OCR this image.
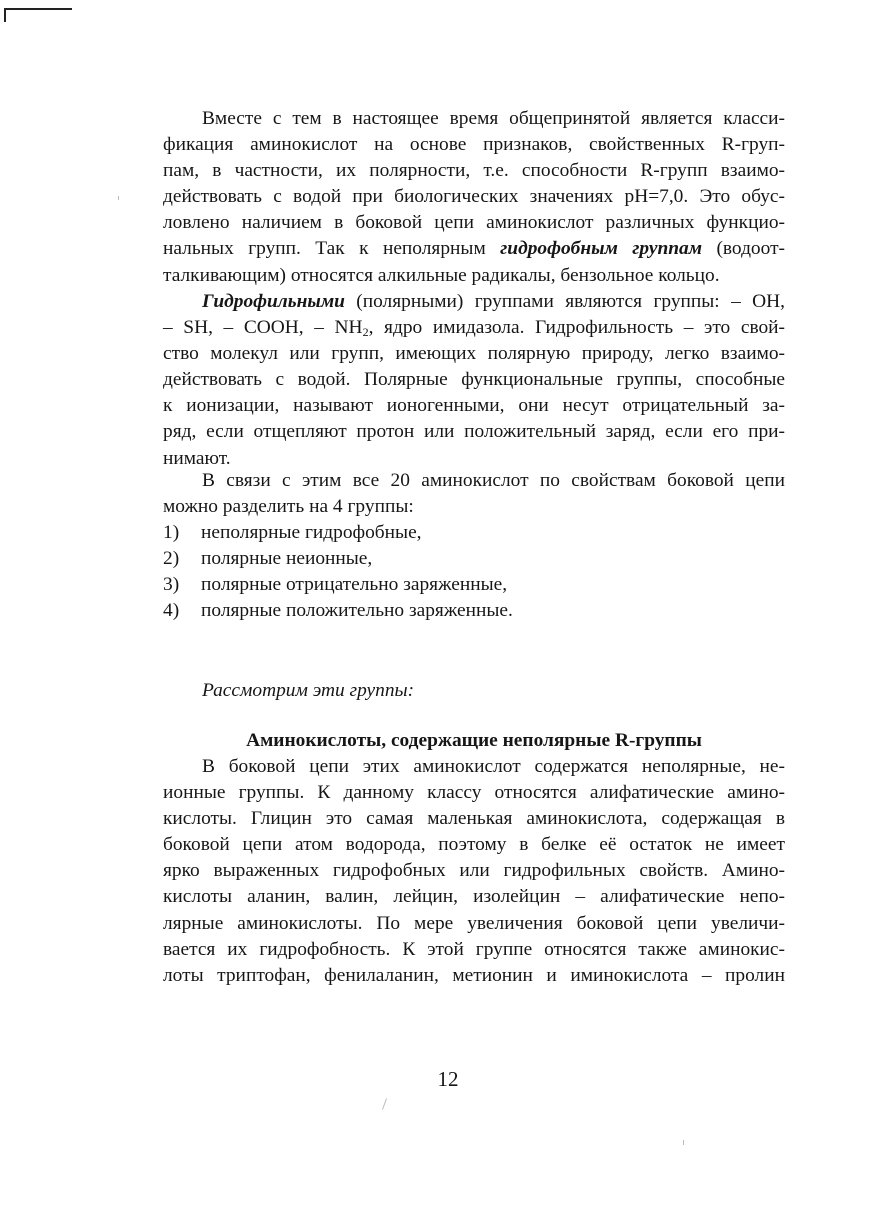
Вместе с тем в настоящее время общепринятой является класси-
фикация аминокислот на основе признаков, свойственных R-груп-
пам, в частности, их полярности, т.е. способности R-групп взаимо-
действовать с водой при биологических значениях pH=7,0. Это обус-
ловлено наличием в боковой цепи аминокислот различных функцио-
нальных групп. Так к неполярным гидрофобным группам (водоот-
талкивающим) относятся алкильные радикалы, бензольное кольцо.
Гидрофильными (полярными) группами являются группы: – OH,
– SH, – COOH, – $NH_2$, ядро имидазола. Гидрофильность – это свой-
ство молекул или групп, имеющих полярную природу, легко взаимо-
действовать с водой. Полярные функциональные группы, способные
к ионизации, называют ионогенными, они несут отрицательный за-
ряд, если отщепляют протон или положительный заряд, если его при-
нимают.
В связи с этим все 20 аминокислот по свойствам боковой цепи
можно разделить на 4 группы:
1)	неполярные гидрофобные,
2)	полярные неионные,
3)	полярные отрицательно заряженные,
4)	полярные положительно заряженные.
Рассмотрим эти группы:
Аминокислоты, содержащие неполярные R-группы
В боковой цепи этих аминокислот содержатся неполярные, не-
ионные группы. К данному классу относятся алифатические амино-
кислоты. Глицин это самая маленькая аминокислота, содержащая в
боковой цепи атом водорода, поэтому в белке её остаток не имеет
ярко выраженных гидрофобных или гидрофильных свойств. Амино-
кислоты аланин, валин, лейцин, изолейцин – алифатические непо-
лярные аминокислоты. По мере увеличения боковой цепи увеличи-
вается их гидрофобность. К этой группе относятся также аминокис-
лоты триптофан, фенилаланин, метионин и иминокислота – пролин
12
